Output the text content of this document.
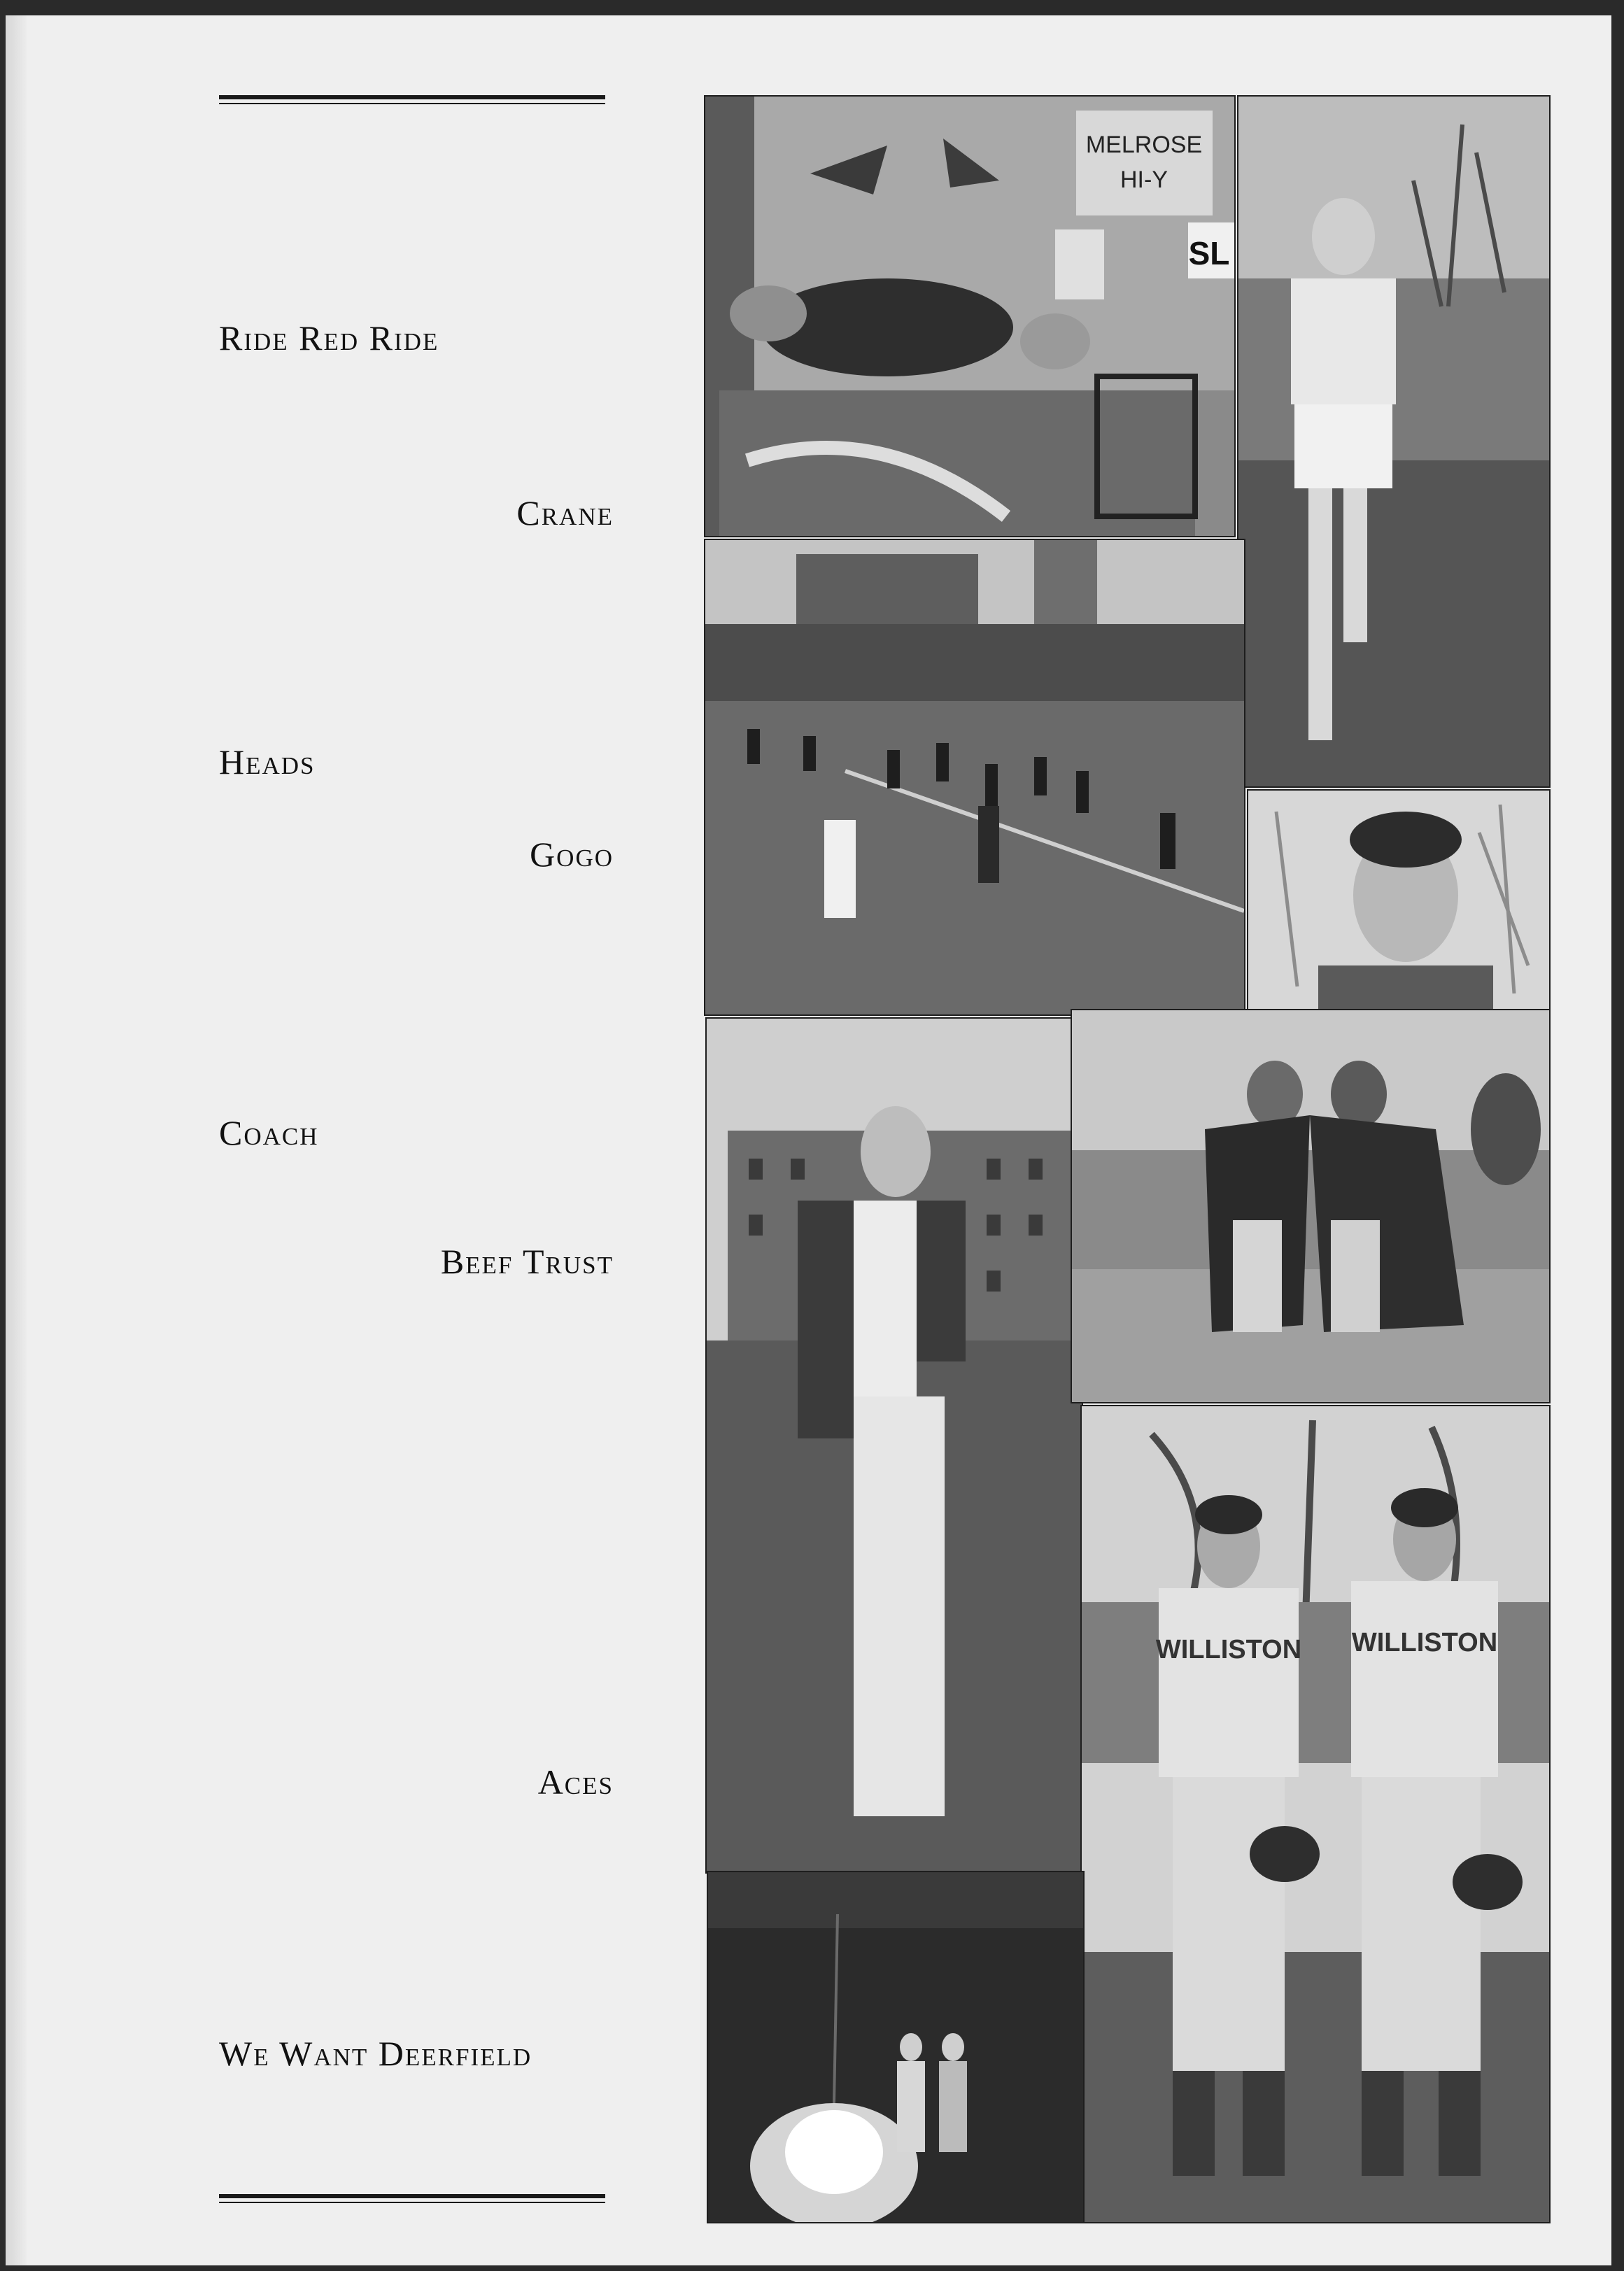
Ride Red Ride
Crane
Heads
Gogo
Coach
Beef Trust
Aces
We Want Deerfield
MELROSE
HI-Y
SL
WILLISTON WILLISTON
